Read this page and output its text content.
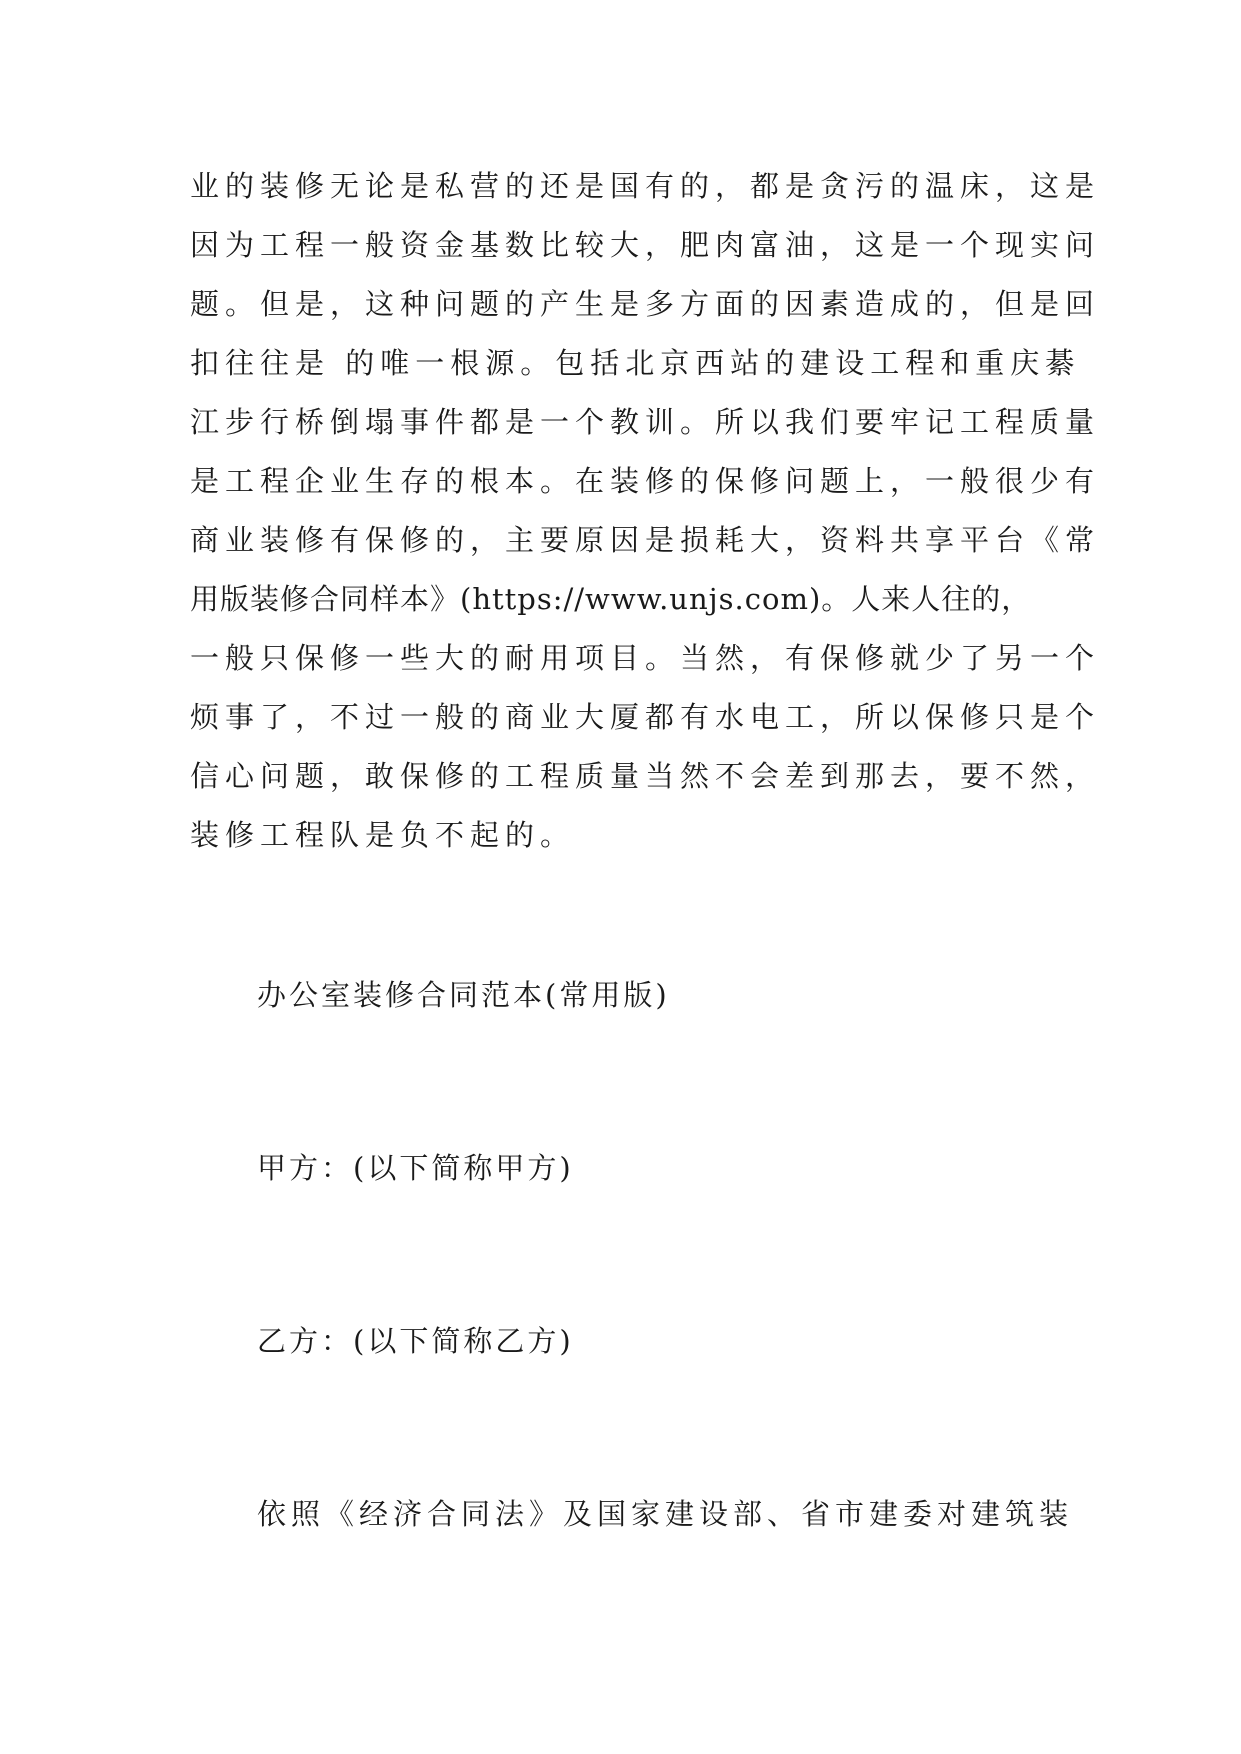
业的装修无论是私营的还是国有的，都是贪污的温床，这是
因为工程一般资金基数比较大，肥肉富油，这是一个现实问
题。但是，这种问题的产生是多方面的因素造成的，但是回
扣往往是 的唯一根源。包括北京西站的建设工程和重庆綦
江步行桥倒塌事件都是一个教训。所以我们要牢记工程质量
是工程企业生存的根本。在装修的保修问题上，一般很少有
商业装修有保修的，主要原因是损耗大，资料共享平台《常
用版装修合同样本》(https://www.unjs.com)。人来人往的，
一般只保修一些大的耐用项目。当然，有保修就少了另一个
烦事了，不过一般的商业大厦都有水电工，所以保修只是个
信心问题，敢保修的工程质量当然不会差到那去，要不然，
装修工程队是负不起的。
办公室装修合同范本(常用版)
甲方：(以下简称甲方)
乙方：(以下简称乙方)
依照《经济合同法》及国家建设部、省市建委对建筑装
